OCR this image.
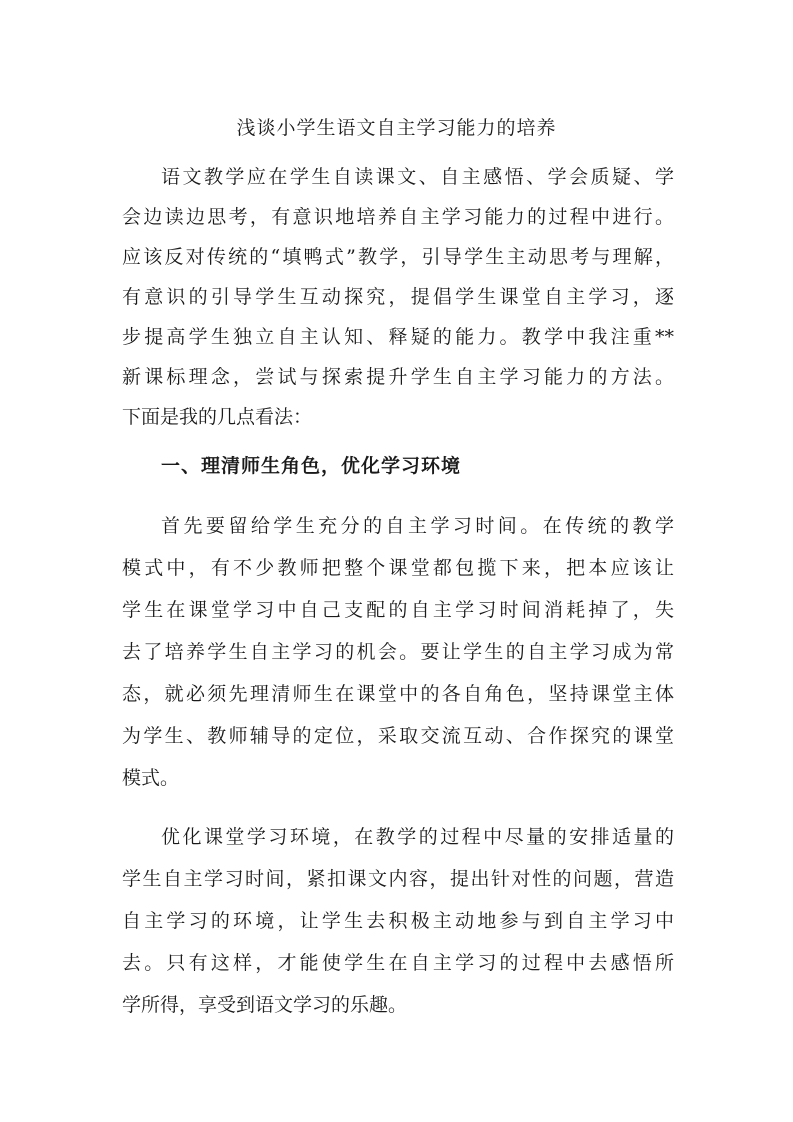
浅谈小学生语文自主学习能力的培养
语文教学应在学生自读课文、自主感悟、学会质疑、学
会边读边思考，有意识地培养自主学习能力的过程中进行。
应该反对传统的“填鸭式”教学，引导学生主动思考与理解，
有意识的引导学生互动探究，提倡学生课堂自主学习，逐
步提高学生独立自主认知、释疑的能力。教学中我注重**
新课标理念，尝试与探索提升学生自主学习能力的方法。
下面是我的几点看法：
一、理清师生角色，优化学习环境
首先要留给学生充分的自主学习时间。在传统的教学
模式中，有不少教师把整个课堂都包揽下来，把本应该让
学生在课堂学习中自己支配的自主学习时间消耗掉了，失
去了培养学生自主学习的机会。要让学生的自主学习成为常
态，就必须先理清师生在课堂中的各自角色，坚持课堂主体
为学生、教师辅导的定位，采取交流互动、合作探究的课堂
模式。
优化课堂学习环境，在教学的过程中尽量的安排适量的
学生自主学习时间，紧扣课文内容，提出针对性的问题，营造
自主学习的环境，让学生去积极主动地参与到自主学习中
去。只有这样，才能使学生在自主学习的过程中去感悟所
学所得，享受到语文学习的乐趣。
